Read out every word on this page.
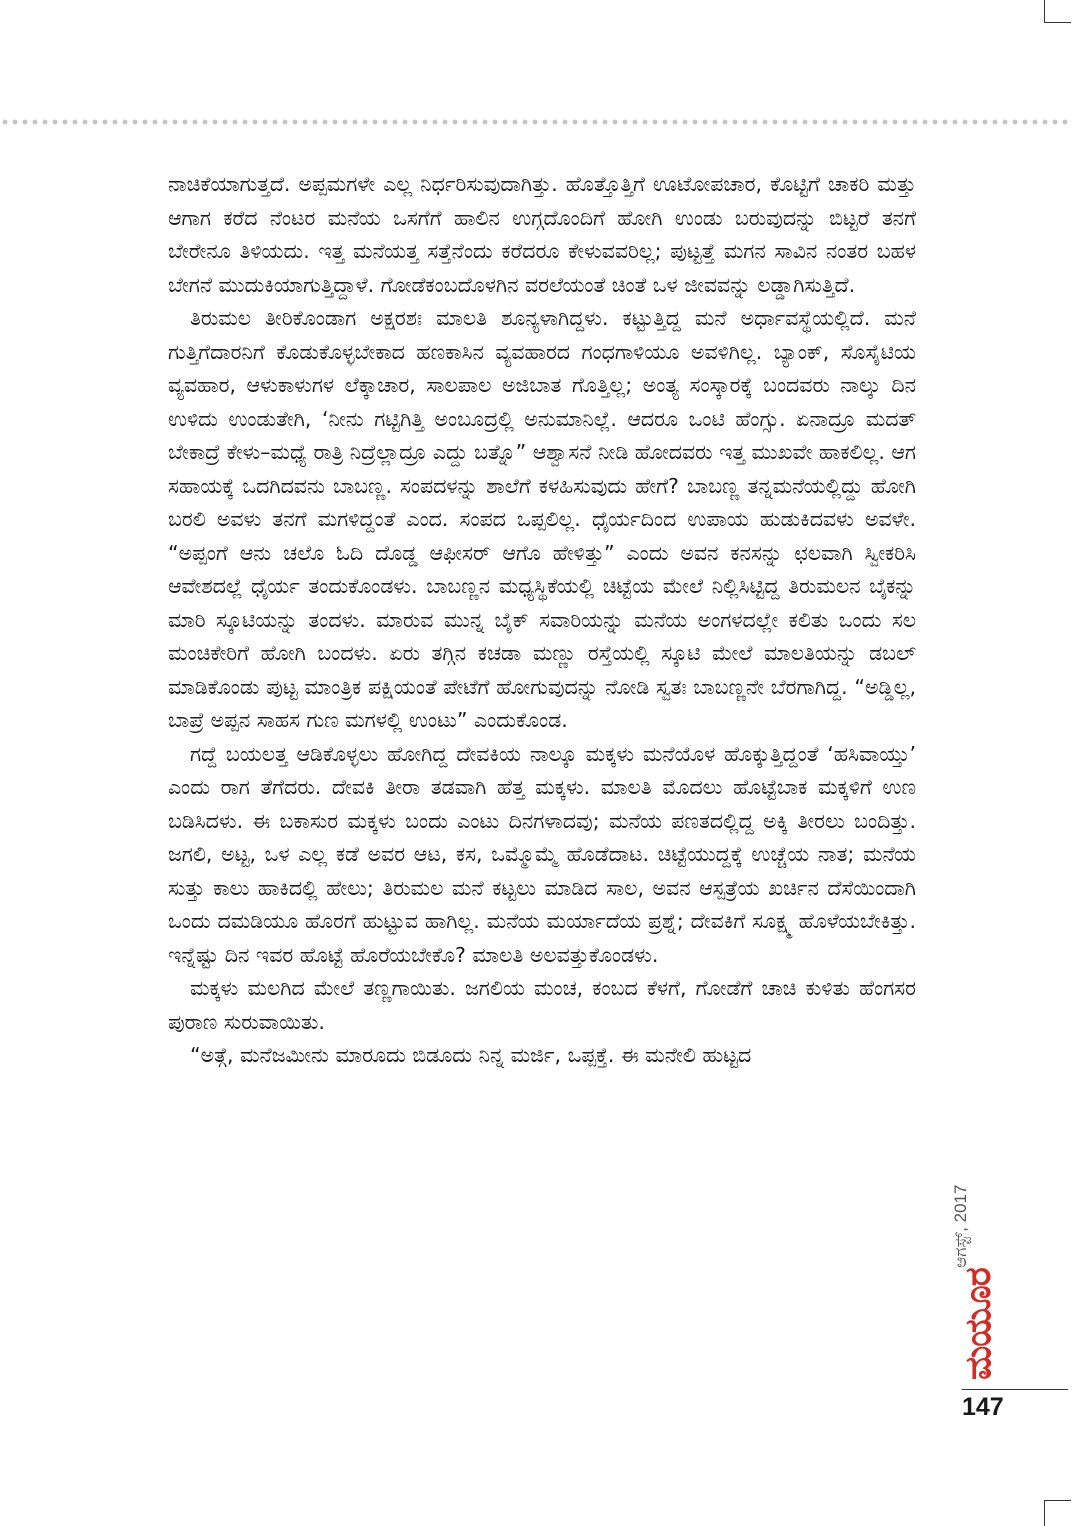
ನಾಚಿಕೆಯಾಗುತ್ತದೆ. ಅಪ್ಪಮಗಳೇ ಎಲ್ಲ ನಿರ್ಧರಿಸುವುದಾಗಿತ್ತು. ಹೊತ್ತೊತ್ತಿಗೆ ಊಟೋಪಚಾರ, ಕೊಟ್ಟಿಗೆ ಚಾಕರಿ ಮತ್ತು ಆಗಾಗ ಕರೆದ ನೆಂಟರ ಮನೆಯ ಒಸಗೆಗೆ ಹಾಲಿನ ಉಗ್ಗದೊಂದಿಗೆ ಹೋಗಿ ಉಂಡು ಬರುವುದನ್ನು ಬಿಟ್ಟರೆ ತನಗೆ ಬೇರೇನೂ ತಿಳಿಯದು. ಇತ್ತ ಮನೆಯತ್ತ ಸತ್ತೆನೆಂದು ಕರೆದರೂ ಕೇಳುವವರಿಲ್ಲ; ಪುಟ್ಟತ್ತೆ ಮಗನ ಸಾವಿನ ನಂತರ ಬಹಳ ಬೇಗನೆ ಮುದುಕಿಯಾಗುತ್ತಿದ್ದಾಳೆ. ಗೋಡೆಕಂಬದೊಳಗಿನ ವರಲೆಯಂತೆ ಚಿಂತೆ ಒಳ ಜೀವವನ್ನು ಲಡ್ಡಾಗಿಸುತ್ತಿದೆ.

ತಿರುಮಲ ತೀರಿಕೊಂಡಾಗ ಅಕ್ಷರಶಃ ಮಾಲತಿ ಶೂನ್ಯಳಾಗಿದ್ದಳು. ಕಟ್ಟುತ್ತಿದ್ದ ಮನೆ ಅರ್ಧಾವಸ್ಥೆಯಲ್ಲಿದೆ. ಮನೆ ಗುತ್ತಿಗೆದಾರನಿಗೆ ಕೊಡುಕೊಳ್ಳಬೇಕಾದ ಹಣಕಾಸಿನ ವ್ಯವಹಾರದ ಗಂಧಗಾಳಿಯೂ ಅವಳಿಗಿಲ್ಲ. ಬ್ಯಾಂಕ್, ಸೊಸೈಟಿಯ ವ್ಯವಹಾರ, ಆಳುಕಾಳುಗಳ ಲೆಕ್ಕಾಚಾರ, ಸಾಲಪಾಲ ಅಜಿಬಾತ ಗೊತ್ತಿಲ್ಲ; ಅಂತ್ಯ ಸಂಸ್ಕಾರಕ್ಕೆ ಬಂದವರು ನಾಲ್ಕು ದಿನ ಉಳಿದು ಉಂಡುತೇಗಿ, ‘ನೀನು ಗಟ್ಟಿಗಿತ್ತಿ ಅಂಬೂದ್ರಲ್ಲಿ ಅನುಮಾನಿಲ್ಲೆ. ಆದರೂ ಒಂಟಿ ಹೆಂಗ್ಸು. ಏನಾದ್ರೂ ಮದತ್ ಬೇಕಾದ್ರೆ ಕೇಳು–ಮಧ್ಯೆ ರಾತ್ರಿ ನಿದ್ರೆಲ್ಲಾದ್ರೂ ಎದ್ದು ಬತ್ನೊ” ಆಶ್ವಾಸನೆ ನೀಡಿ ಹೋದವರು ಇತ್ತ ಮುಖವೇ ಹಾಕಲಿಲ್ಲ. ಆಗ ಸಹಾಯಕ್ಕೆ ಒದಗಿದವನು ಬಾಬಣ್ಣ. ಸಂಪದಳನ್ನು ಶಾಲೆಗೆ ಕಳಹಿಸುವುದು ಹೇಗೆ? ಬಾಬಣ್ಣ ತನ್ನಮನೆಯಲ್ಲಿದ್ದು ಹೋಗಿ ಬರಲಿ ಅವಳು ತನಗೆ ಮಗಳಿದ್ದಂತೆ ಎಂದ. ಸಂಪದ ಒಪ್ಪಲಿಲ್ಲ. ಧೈರ್ಯದಿಂದ ಉಪಾಯ ಹುಡುಕಿದವಳು ಅವಳೇ. “ಅಪ್ಪಂಗೆ ಆನು ಚಲೊ ಓದಿ ದೊಡ್ಡ ಆಫೀಸರ್ ಆಗೊ ಹೇಳಿತ್ತು” ಎಂದು ಅವನ ಕನಸನ್ನು ಛಲವಾಗಿ ಸ್ವೀಕರಿಸಿ ಆವೇಶದಲ್ಲೆ ಧೈರ್ಯ ತಂದುಕೊಂಡಳು. ಬಾಬಣ್ಣನ ಮಧ್ಯಸ್ಥಿಕೆಯಲ್ಲಿ ಚಿಟ್ಟೆಯ ಮೇಲೆ ನಿಲ್ಲಿಸಿಟ್ಟಿದ್ದ ತಿರುಮಲನ ಬೈಕನ್ನು ಮಾರಿ ಸ್ಕೂಟಿಯನ್ನು ತಂದಳು. ಮಾರುವ ಮುನ್ನ ಬೈಕ್ ಸವಾರಿಯನ್ನು ಮನೆಯ ಅಂಗಳದಲ್ಲೇ ಕಲಿತು ಒಂದು ಸಲ ಮಂಚಿಕೇರಿಗೆ ಹೋಗಿ ಬಂದಳು. ಏರು ತಗ್ಗಿನ ಕಚಡಾ ಮಣ್ಣು ರಸ್ತೆಯಲ್ಲಿ ಸ್ಕೂಟಿ ಮೇಲೆ ಮಾಲತಿಯನ್ನು ಡಬಲ್ ಮಾಡಿಕೊಂಡು ಪುಟ್ಟ ಮಾಂತ್ರಿಕ ಪಕ್ಷಿಯಂತೆ ಪೇಟೆಗೆ ಹೋಗುವುದನ್ನು ನೋಡಿ ಸ್ವತಃ ಬಾಬಣ್ಣನೇ ಬೆರಗಾಗಿದ್ದ. “ಅಡ್ಡಿಲ್ಲ, ಬಾಪ್ರೆ ಅಪ್ಪನ ಸಾಹಸ ಗುಣ ಮಗಳಲ್ಲಿ ಉಂಟು” ಎಂದುಕೊಂಡ.

ಗದ್ದೆ ಬಯಲತ್ತ ಆಡಿಕೊಳ್ಳಲು ಹೋಗಿದ್ದ ದೇವಕಿಯ ನಾಲ್ಕೂ ಮಕ್ಕಳು ಮನೆಯೊಳ ಹೊಕ್ಕುತ್ತಿದ್ದಂತೆ ‘ಹಸಿವಾಯ್ತು’ ಎಂದು ರಾಗ ತೆಗೆದರು. ದೇವಕಿ ತೀರಾ ತಡವಾಗಿ ಹೆತ್ತ ಮಕ್ಕಳು. ಮಾಲತಿ ಮೊದಲು ಹೊಟ್ಟೆಬಾಕ ಮಕ್ಕಳಿಗೆ ಉಣ ಬಡಿಸಿದಳು. ಈ ಬಕಾಸುರ ಮಕ್ಕಳು ಬಂದು ಎಂಟು ದಿನಗಳಾದವು; ಮನೆಯ ಪಣತದಲ್ಲಿದ್ದ ಅಕ್ಕಿ ತೀರಲು ಬಂದಿತ್ತು. ಜಗಲಿ, ಅಟ್ಟ, ಒಳ ಎಲ್ಲ ಕಡೆ ಅವರ ಆಟ, ಕಸ, ಒಮ್ಮೊಮ್ಮೆ ಹೊಡೆದಾಟ. ಚಿಟ್ಟೆಯುದ್ದಕ್ಕೆ ಉಚ್ಚೆಯ ನಾತ; ಮನೆಯ ಸುತ್ತು ಕಾಲು ಹಾಕಿದಲ್ಲಿ ಹೇಲು; ತಿರುಮಲ ಮನೆ ಕಟ್ಟಲು ಮಾಡಿದ ಸಾಲ, ಅವನ ಆಸ್ಪತ್ರೆಯ ಖರ್ಚಿನ ದೆಸೆಯಿಂದಾಗಿ ಒಂದು ದಮಡಿಯೂ ಹೊರಗೆ ಹುಟ್ಟುವ ಹಾಗಿಲ್ಲ. ಮನೆಯ ಮರ್ಯಾದೆಯ ಪ್ರಶ್ನೆ; ದೇವಕಿಗೆ ಸೂಕ್ಷ್ಮ ಹೊಳೆಯಬೇಕಿತ್ತು. ಇನ್ನೆಷ್ಟು ದಿನ ಇವರ ಹೊಟ್ಟೆ ಹೊರೆಯಬೇಕೊ? ಮಾಲತಿ ಅಲವತ್ತುಕೊಂಡಳು.

ಮಕ್ಕಳು ಮಲಗಿದ ಮೇಲೆ ತಣ್ಣಗಾಯಿತು. ಜಗಲಿಯ ಮಂಚ, ಕಂಬದ ಕೆಳಗೆ, ಗೋಡೆಗೆ ಚಾಚಿ ಕುಳಿತು ಹೆಂಗಸರ ಪುರಾಣ ಸುರುವಾಯಿತು.

“ಅತ್ಗೆ, ಮನೆಜಮೀನು ಮಾರೂದು ಬಿಡೂದು ನಿನ್ನ ಮರ್ಜಿ, ಒಪ್ಪಕ್ತೆ. ಈ ಮನೇಲಿ ಹುಟ್ಟದ

ಆಗಸ್ಟ್, 2017
ಮಯೂರ
147
